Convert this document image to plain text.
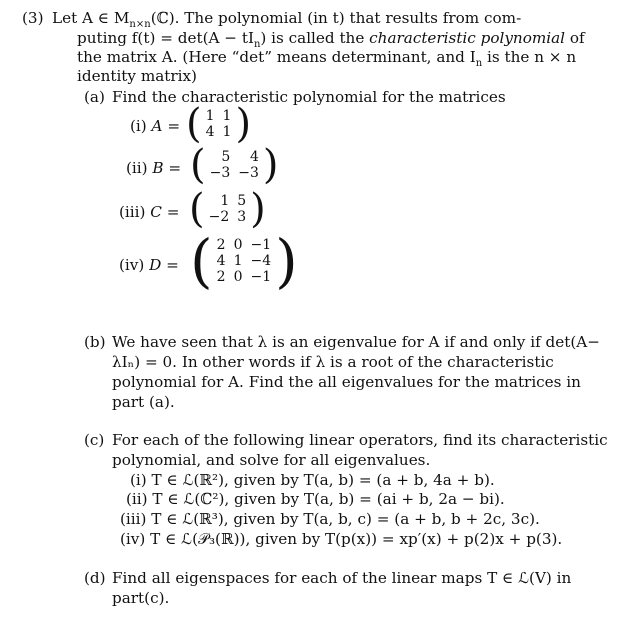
(3) Let A ∈ $M_{n\times n}(ℂ)$. The polynomial (in t) that results from com-
puting $f(t) = \det(A - tI_n)$ is called the characteristic polynomial of
the matrix A. (Here “det” means determinant, and $I_n$ is the n × n
identity matrix)
(a) Find the characteristic polynomial for the matrices
(i) A = ( 1	1
4	1 )
(ii) B = ( 5	4
−3	−3 )
(iii) C = ( 1	5
−2	3 )
(iv) D = ( 2	0	−1
4	1	−4
2	0	−1 )
(b) We have seen that λ is an eigenvalue for A if and only if det(A−
λIₙ) = 0. In other words if λ is a root of the characteristic
polynomial for A. Find the all eigenvalues for the matrices in
part (a).
(c) For each of the following linear operators, find its characteristic
polynomial, and solve for all eigenvalues.
(i) T ∈ ℒ(ℝ²), given by T(a, b) = (a + b, 4a + b).
(ii) T ∈ ℒ(ℂ²), given by T(a, b) = (ai + b, 2a − bi).
(iii) T ∈ ℒ(ℝ³), given by T(a, b, c) = (a + b, b + 2c, 3c).
(iv) T ∈ ℒ(𝒫₃(ℝ)), given by T(p(x)) = xp′(x) + p(2)x + p(3).
(d) Find all eigenspaces for each of the linear maps T ∈ ℒ(V) in
part(c).
